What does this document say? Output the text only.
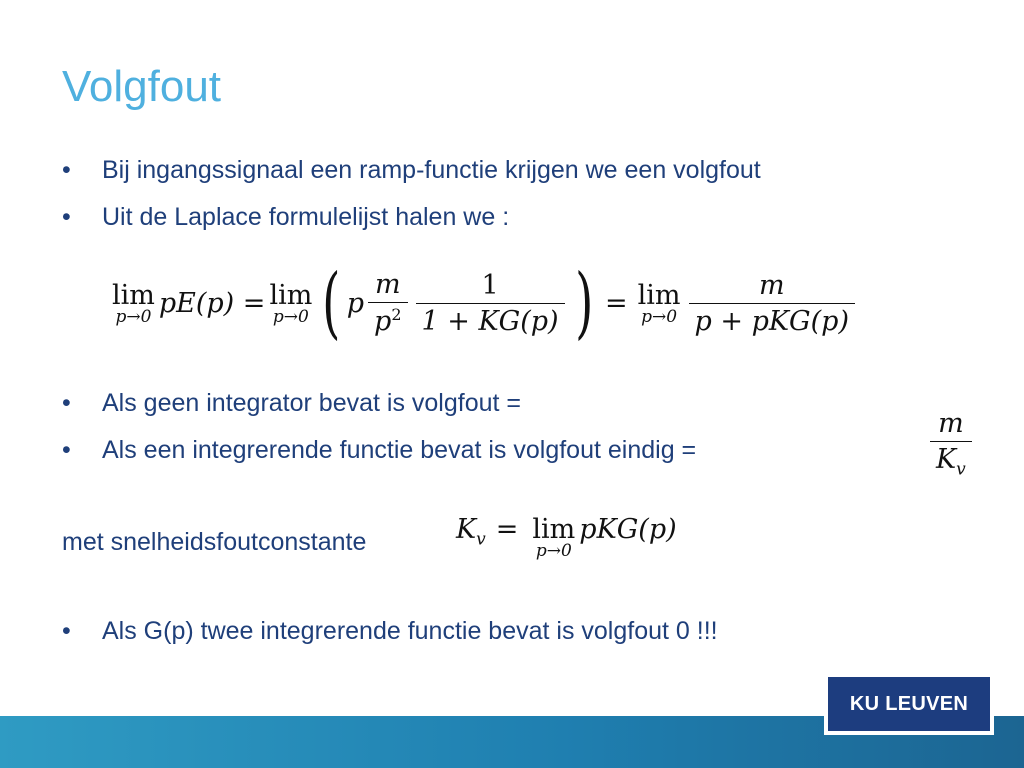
Volgfout
• Bij ingangssignaal een ramp-functie krijgen we een volgfout
• Uit de Laplace formulelijst halen we :
lim
p→0 pE(p) = lim
p→0 ( p $\frac{m}{p^2} \frac{1}{1 + KG(p)}$ ) = lim
$p\to 0 \frac{m}{\text{p + pKG(p)}}$
• Als geen integrator bevat is volgfout =
• Als een integrerende functie bevat is volgfout eindig =	$\frac{m}{K_v}$
met snelheidsfoutconstante	$K_v = \lim$
p→0
pKG(p)
• Als G(p) twee integrerende functie bevat is volgfout 0 !!!
KU LEUVEN
